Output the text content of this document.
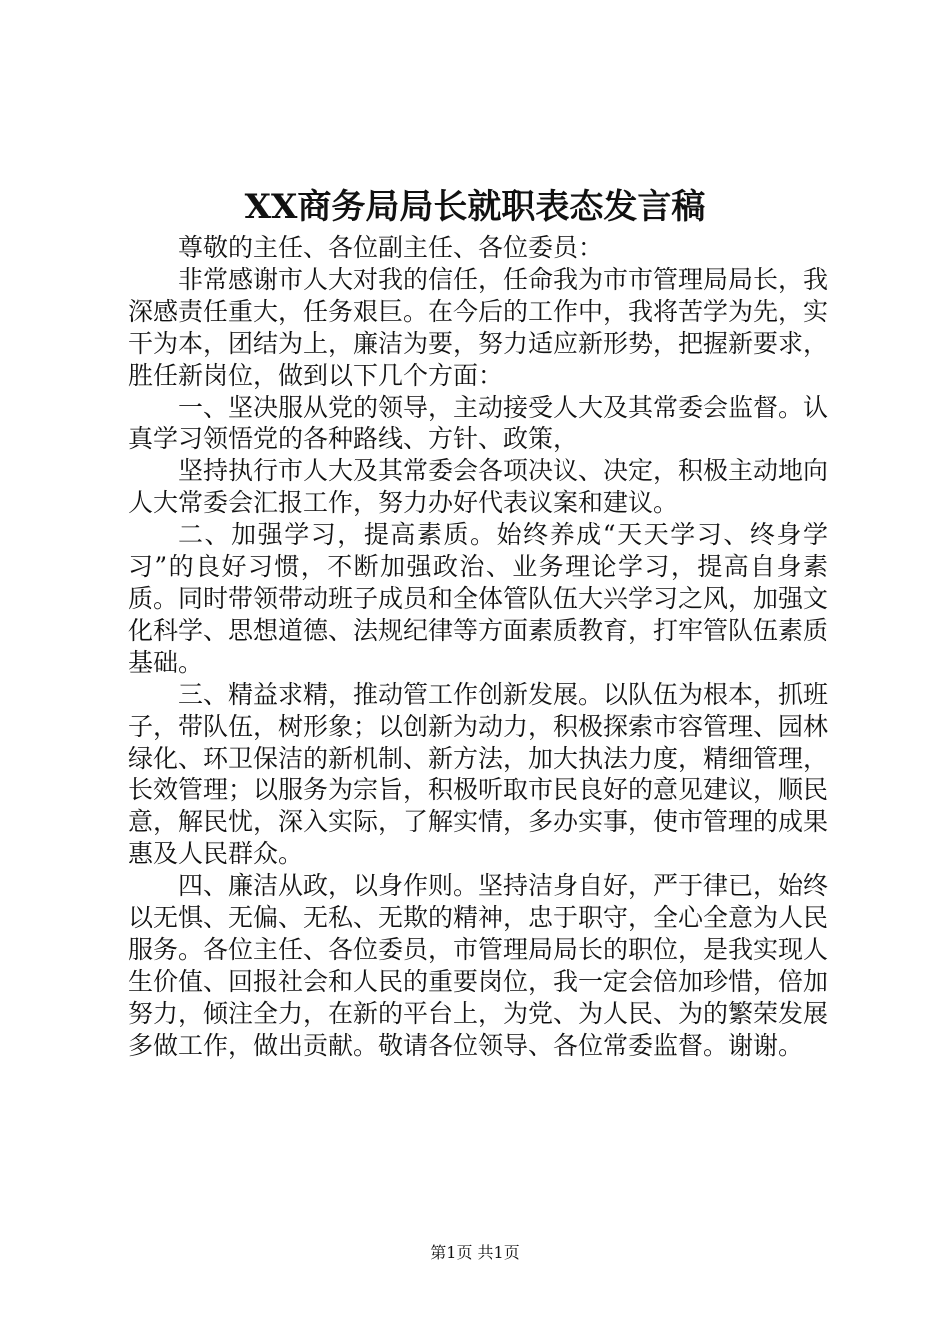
XX商务局局长就职表态发言稿

尊敬的主任、各位副主任、各位委员：

非常感谢市人大对我的信任，任命我为市市管理局局长，我深感责任重大，任务艰巨。在今后的工作中，我将苦学为先，实干为本，团结为上，廉洁为要，努力适应新形势，把握新要求，胜任新岗位，做到以下几个方面：

一、坚决服从党的领导，主动接受人大及其常委会监督。认真学习领悟党的各种路线、方针、政策，

坚持执行市人大及其常委会各项决议、决定，积极主动地向人大常委会汇报工作，努力办好代表议案和建议。

二、加强学习，提高素质。始终养成“天天学习、终身学习”的良好习惯，不断加强政治、业务理论学习，提高自身素质。同时带领带动班子成员和全体管队伍大兴学习之风，加强文化科学、思想道德、法规纪律等方面素质教育，打牢管队伍素质基础。

三、精益求精，推动管工作创新发展。以队伍为根本，抓班子，带队伍，树形象；以创新为动力，积极探索市容管理、园林绿化、环卫保洁的新机制、新方法，加大执法力度，精细管理，长效管理；以服务为宗旨，积极听取市民良好的意见建议，顺民意，解民忧，深入实际，了解实情，多办实事，使市管理的成果惠及人民群众。

四、廉洁从政，以身作则。坚持洁身自好，严于律已，始终以无惧、无偏、无私、无欺的精神，忠于职守，全心全意为人民服务。各位主任、各位委员，市管理局局长的职位，是我实现人生价值、回报社会和人民的重要岗位，我一定会倍加珍惜，倍加努力，倾注全力，在新的平台上，为党、为人民、为的繁荣发展多做工作，做出贡献。敬请各位领导、各位常委监督。谢谢。

第1页 共1页
